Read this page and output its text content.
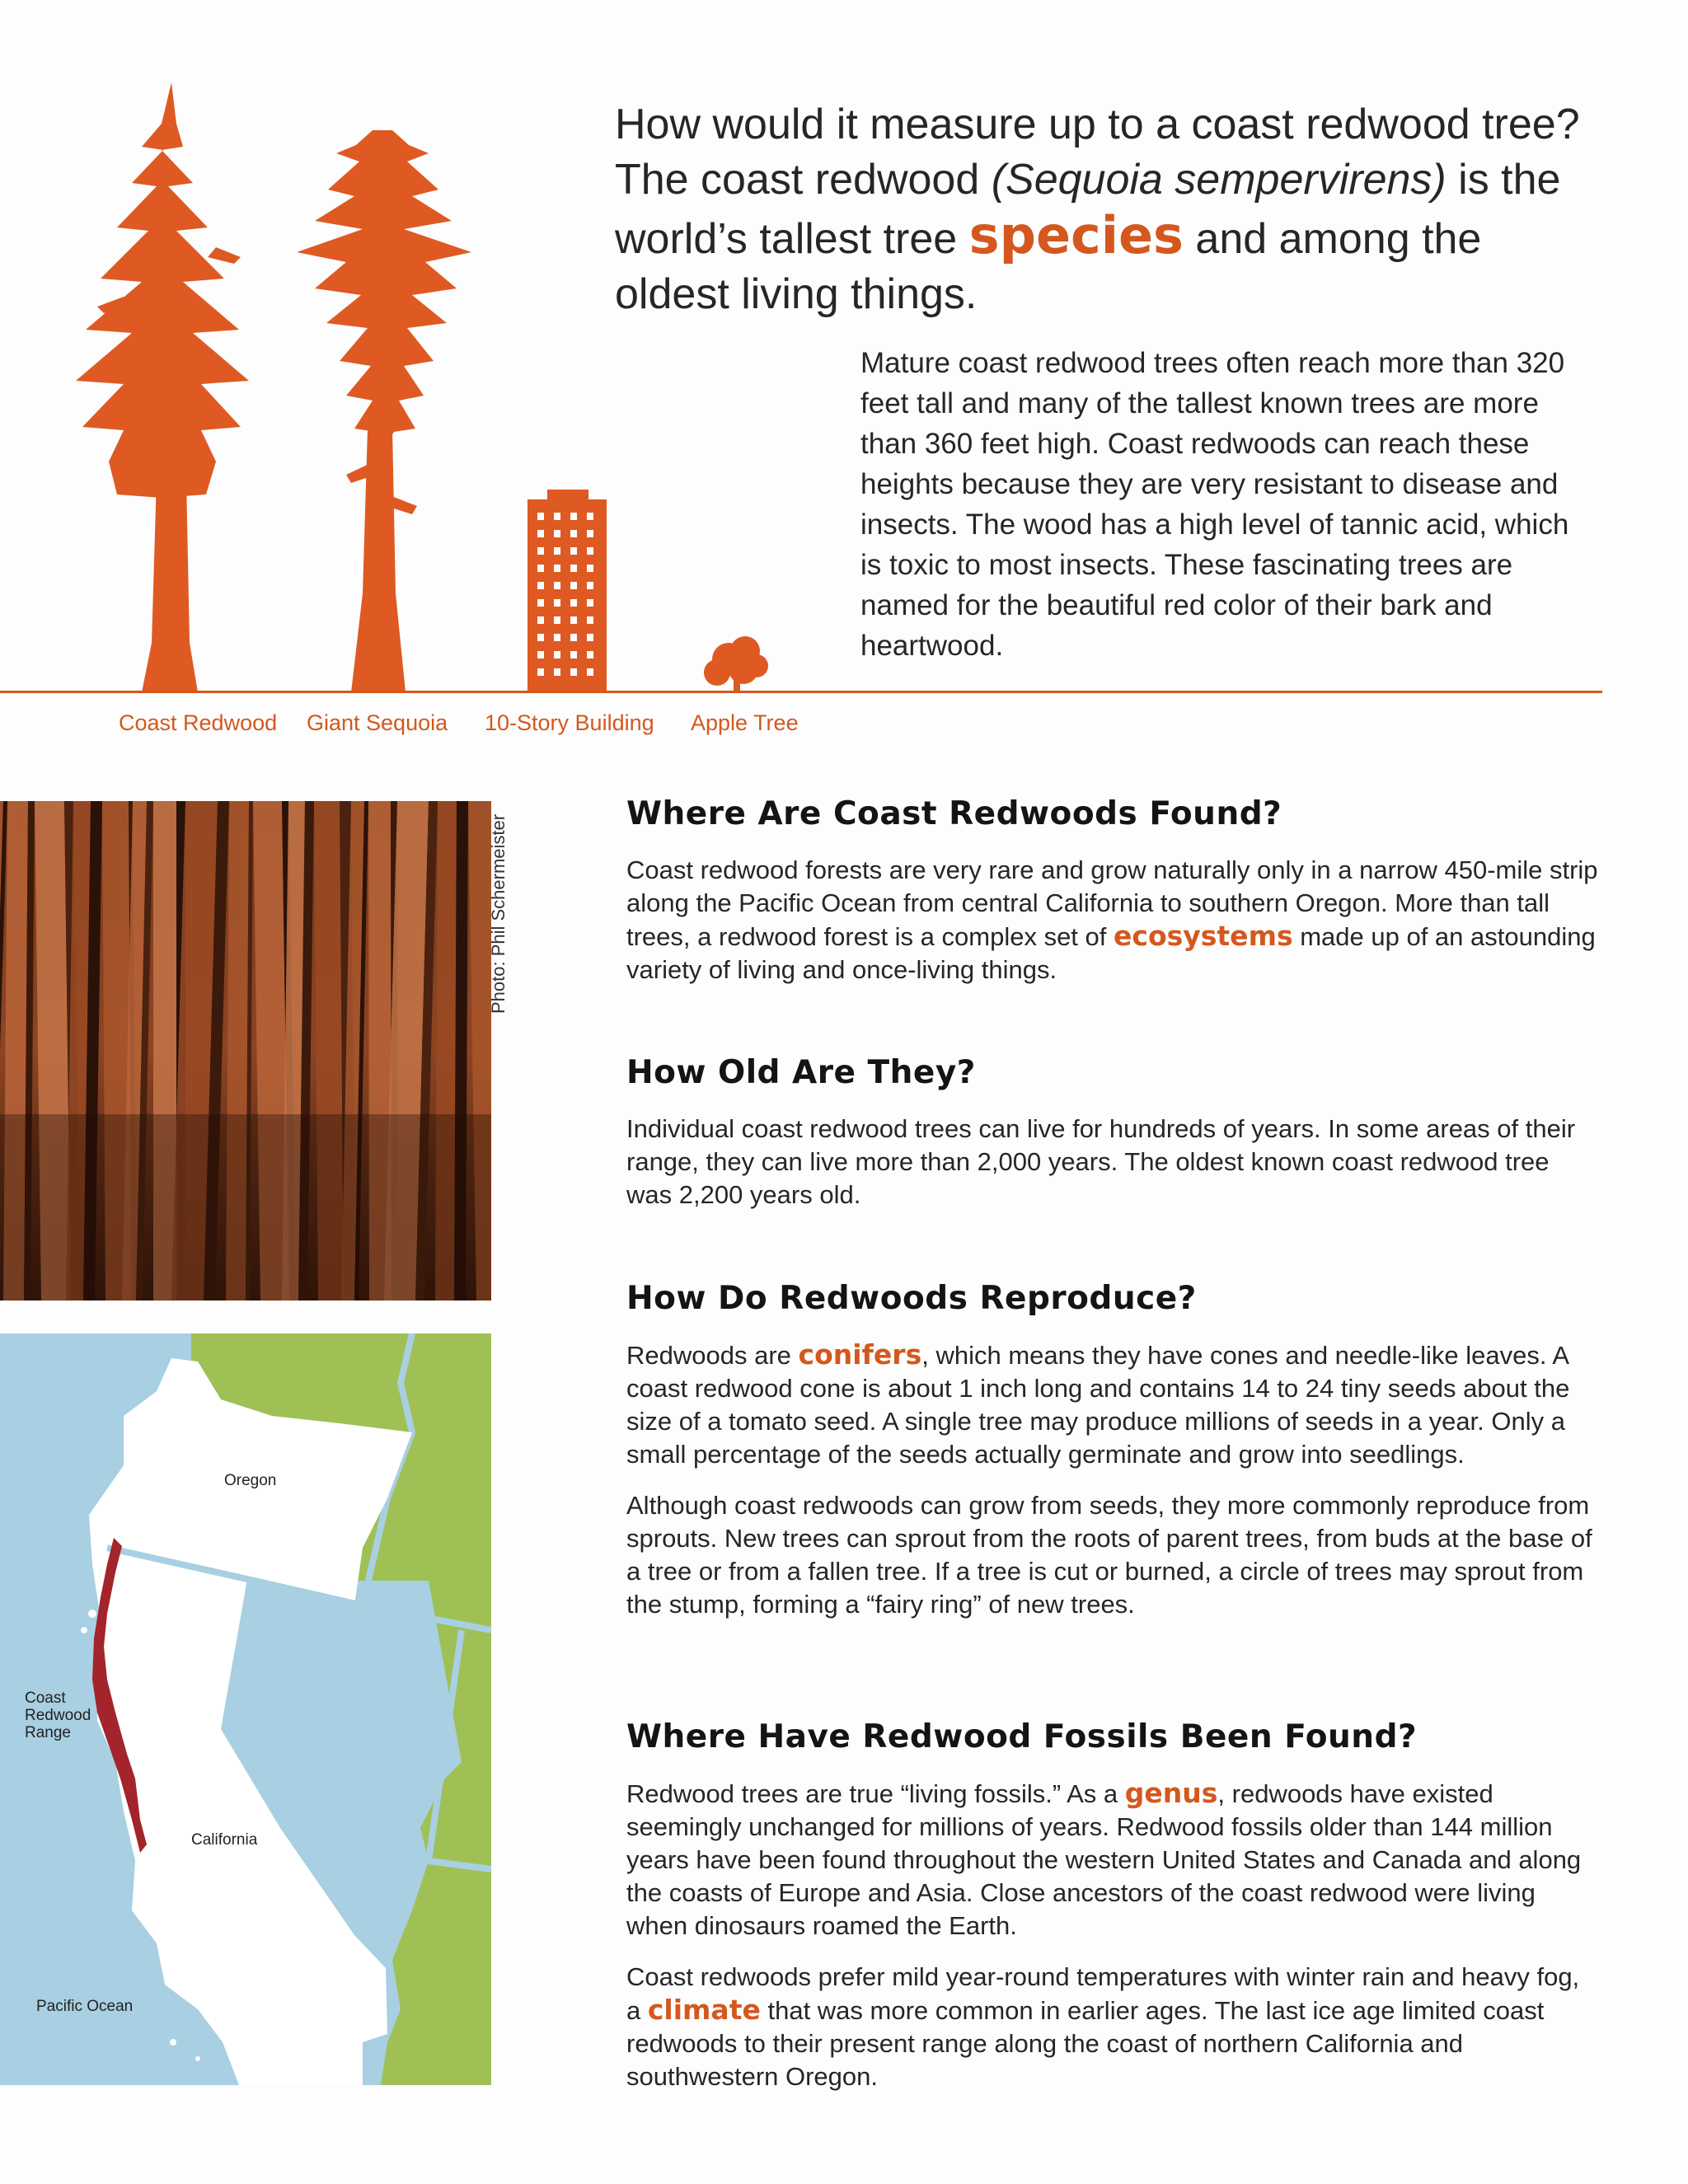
Coast Redwood Giant Sequoia 10-Story Building Apple Tree
How would it measure up to a coast redwood tree? The coast redwood (Sequoia sempervirens) is the world’s tallest tree species and among the oldest living things.

Mature coast redwood trees often reach more than 320 feet tall and many of the tallest known trees are more than 360 feet high. Coast redwoods can reach these heights because they are very resistant to disease and insects. The wood has a high level of tannic acid, which is toxic to most insects. These fascinating trees are named for the beautiful red color of their bark and heartwood.

Photo: Phil Schermeister
Oregon
California
Coast
Redwood
Range
Pacific Ocean
Where Are Coast Redwoods Found?

Coast redwood forests are very rare and grow naturally only in a narrow 450-mile strip along the Pacific Ocean from central California to southern Oregon. More than tall trees, a redwood forest is a complex set of ecosystems made up of an astounding variety of living and once-living things.

How Old Are They?

Individual coast redwood trees can live for hundreds of years. In some areas of their range, they can live more than 2,000 years. The oldest known coast redwood tree was 2,200 years old.

How Do Redwoods Reproduce?

Redwoods are conifers, which means they have cones and needle-like leaves. A coast redwood cone is about 1 inch long and contains 14 to 24 tiny seeds about the size of a tomato seed. A single tree may produce millions of seeds in a year. Only a small percentage of the seeds actually germinate and grow into seedlings.

Although coast redwoods can grow from seeds, they more commonly reproduce from sprouts. New trees can sprout from the roots of parent trees, from buds at the base of a tree or from a fallen tree. If a tree is cut or burned, a circle of trees may sprout from the stump, forming a “fairy ring” of new trees.

Where Have Redwood Fossils Been Found?

Redwood trees are true “living fossils.” As a genus, redwoods have existed seemingly unchanged for millions of years. Redwood fossils older than 144 million years have been found throughout the western United States and Canada and along the coasts of Europe and Asia. Close ancestors of the coast redwood were living when dinosaurs roamed the Earth.

Coast redwoods prefer mild year-round temperatures with winter rain and heavy fog, a climate that was more common in earlier ages. The last ice age limited coast redwoods to their present range along the coast of northern California and southwestern Oregon.
